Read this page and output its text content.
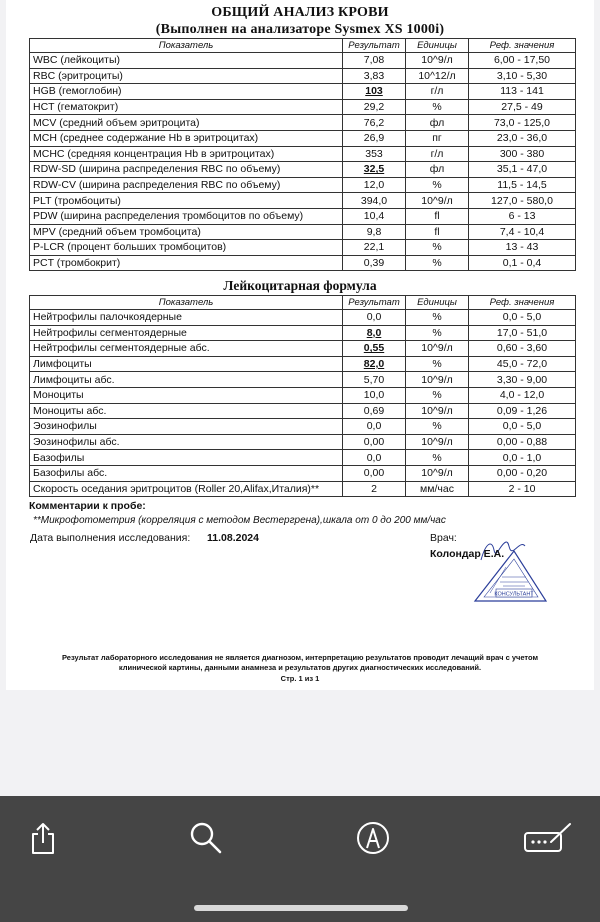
ОБЩИЙ АНАЛИЗ КРОВИ
(Выполнен на анализаторе Sysmex XS 1000i)
Показатель	Результат	Единицы	Реф. значения
WBC (лейкоциты)	7,08	10^9/л	6,00 - 17,50
RBC (эритроциты)	3,83	10^12/л	3,10 - 5,30
HGB (гемоглобин)	103	г/л	113 - 141
HCT (гематокрит)	29,2	%	27,5 - 49
MCV (средний объем эритроцита)	76,2	фл	73,0 - 125,0
MCH (среднее содержание Hb в эритроцитах)	26,9	пг	23,0 - 36,0
MCHC (средняя концентрация Hb в эритроцитах)	353	г/л	300 - 380
RDW-SD (ширина распределения RBC по объему)	32,5	фл	35,1 - 47,0
RDW-CV (ширина распределения RBC по объему)	12,0	%	11,5 - 14,5
PLT (тромбоциты)	394,0	10^9/л	127,0 - 580,0
PDW (ширина распределения тромбоцитов по объему)	10,4	fl	6 - 13
MPV (средний объем тромбоцита)	9,8	fl	7,4 - 10,4
P-LCR (процент больших тромбоцитов)	22,1	%	13 - 43
PCT (тромбокрит)	0,39	%	0,1 - 0,4
Лейкоцитарная формула
Показатель	Результат	Единицы	Реф. значения
Нейтрофилы палочкоядерные	0,0	%	0,0 - 5,0
Нейтрофилы сегментоядерные	8,0	%	17,0 - 51,0
Нейтрофилы сегментоядерные абс.	0,55	10^9/л	0,60 - 3,60
Лимфоциты	82,0	%	45,0 - 72,0
Лимфоциты абс.	5,70	10^9/л	3,30 - 9,00
Моноциты	10,0	%	4,0 - 12,0
Моноциты абс.	0,69	10^9/л	0,09 - 1,26
Эозинофилы	0,0	%	0,0 - 5,0
Эозинофилы абс.	0,00	10^9/л	0,00 - 0,88
Базофилы	0,0	%	0,0 - 1,0
Базофилы абс.	0,00	10^9/л	0,00 - 0,20
Скорость оседания эритроцитов (Roller 20,Alifax,Италия)**	2	мм/час	2 - 10
Комментарии к пробе:
**Микрофотометрия (корреляция с методом Вестергрена),шкала от 0 до 200 мм/час
Дата выполнения исследования: 11.08.2024	Врач:
КОНСУЛЬТАНТ
Колондар Е.А.
Результат лабораторного исследования не является диагнозом, интерпретацию результатов проводит лечащий врач с учетом
клинической картины, данными анамнеза и результатов других диагностических исследований.
Стр. 1 из 1
